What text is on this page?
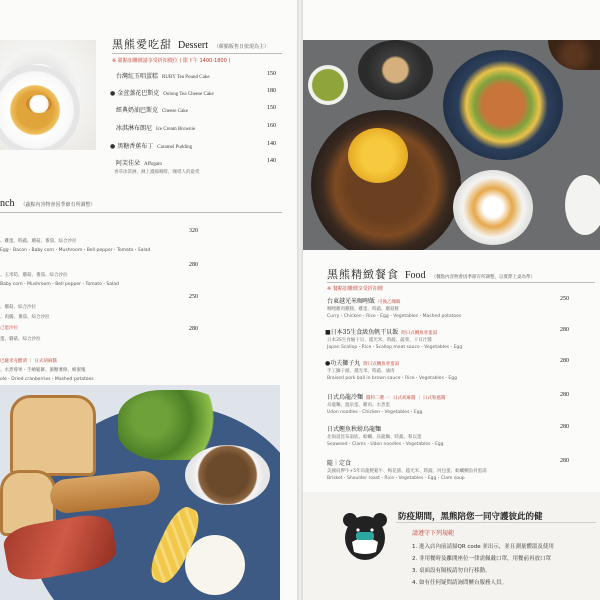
黑熊愛吃甜 Dessert （餅點販售日依現為主）
※ 甜點加購價請享受折扣價位 ( 限下午 1400-1800 )
台灣紅玉唱蛋糕 RUBY Tea Pound Cake
150
● 金萱蒸花巴斯克 Oolong Tea Cheese Cake
180
經典奶油巴斯克 Cheese Cake
150
冰淇淋布朗尼 Ice Cream Brownie
160
● 黑糖香蕉布丁 Caramel Pudding
140
阿芙佳朵 Affogato
140
香草冰淇淋，淋上濃縮咖啡，咖啡人的最愛
nch （蔬點內容物會因季節有所調整）
320
、雞蛋、時蔬、蘑菇、番茄、綜合沙拉
Egg・Bacon・Baby corn・Mushroom・Bell pepper・Tomato・Salad
280
、玉米筍、蘑菇、番茄、綜合沙拉
Baby corn・Mushroom・Bell pepper・Tomato・Salad
250
、蘑菇、綜合沙拉
、肉腸、番茄、綜合沙拉
280
己蛋沙拉
蛋、蘑菇、綜合沙拉
巴薩米克醋漬 ｜ 日式胡麻醬
、水煮莓果・手繪鬆餅、蜜糖薯條、蜂蜜塊
ole・Dried cranberries・Mashed potatoes
黑熊精緻餐食 Food （餐點內容物會因季節有所調整，以實際上桌為準）
※ 餐點加購價享受折扣價
台東越光米咖哩飯 可換乙咖飯
250
咖哩雞肉雞腿、雞蛋、時蔬、蘑菇鮮
Curry・Chicken・Rice・Egg・Vegetables・Mashed potatoes
■日本35生食級魚帆干貝飯 附日式鯛魚骨蛋湯
280
日本3S生食級干貝、越光米、時蔬、蔬菜、干貝汁醬
Japan Scallop・Rice・Scallop meat sauce・Vegetables・Egg
●功夫獅子丸 附日式鯛魚骨蛋湯
280
手工獅子頭、越光米、時蔬、滷肉
Braised pork ball in brown sauce・Rice・Vegetables・Egg
日式烏龍冷麵 醬料二選一：日式胡麻醬 ｜ 日式和風醬
280
烏龍麵、溫泉蛋、雞肉、水煮蛋
Udon noodles・Chicken・Vegetables・Egg
日式鰹魚秋螃烏龍麵	280
北海道昆布湯底、蛤蠣、烏龍麵、時蔬、和以蛋
Seaweed・Clams・Udon noodles・Vegetables・Egg
隨｜定食	280
美國肩胛牛+5年烏龍輕鬆牛、梅花豬、越光米、時蔬、河包蛋、蛤蠣鯛魚骨蛋湯
Brisket・Shoulder roast・Rice・Vegetables・Egg・Clam soup
防疫期間，黑熊陪您一同守護彼此的健
請遵守下列規範
1. 進入店內前請掃QR code 並出示，並且測量體溫及使用
2. 非用餐時及離開座位一律需佩戴口罩，用餐前再放口罩
3. 桌面設有隔板請勿自行移動。
4. 如有任何疑問請詢問櫃台服務人員。
